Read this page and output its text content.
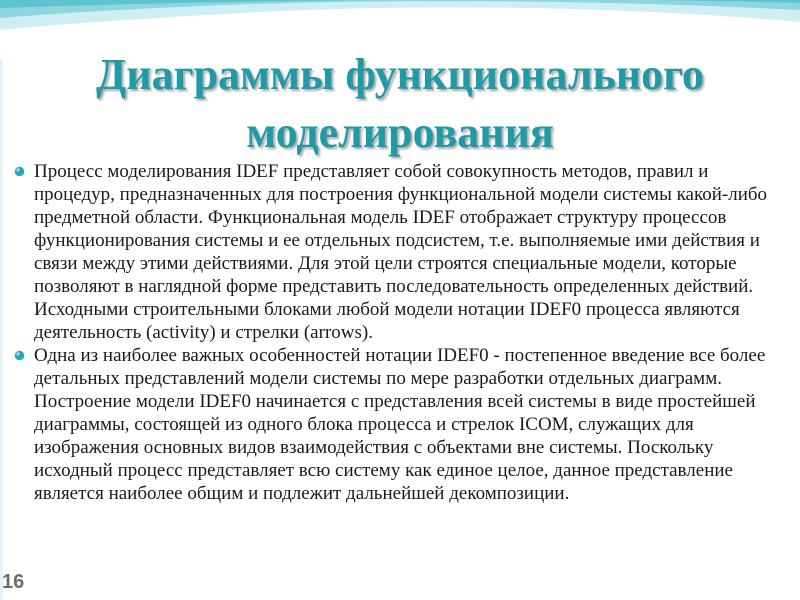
Диаграммы функционального
моделирования
Процесс моделирования IDEF представляет собой совокупность методов, правил и процедур, предназначенных для построения функциональной модели системы какой-либо предметной области. Функциональная модель IDEF отображает структуру процессов функционирования системы и ее отдельных подсистем, т.е. выполняемые ими действия и связи между этими действиями. Для этой цели строятся специальные модели, которые позволяют в наглядной форме представить последовательность определенных действий. Исходными строительными блоками любой модели нотации IDEF0 процесса являются деятельность (activity) и стрелки (arrows).
Одна из наиболее важных особенностей нотации IDEF0 - постепенное введение все более детальных представлений модели системы по мере разработки отдельных диаграмм. Построение модели IDEF0 начинается с представления всей системы в виде простейшей диаграммы, состоящей из одного блока процесса и стрелок ICOM, служащих для изображения основных видов взаимодействия с объектами вне системы. Поскольку исходный процесс представляет всю систему как единое целое, данное представление является наиболее общим и подлежит дальнейшей декомпозиции.
16
